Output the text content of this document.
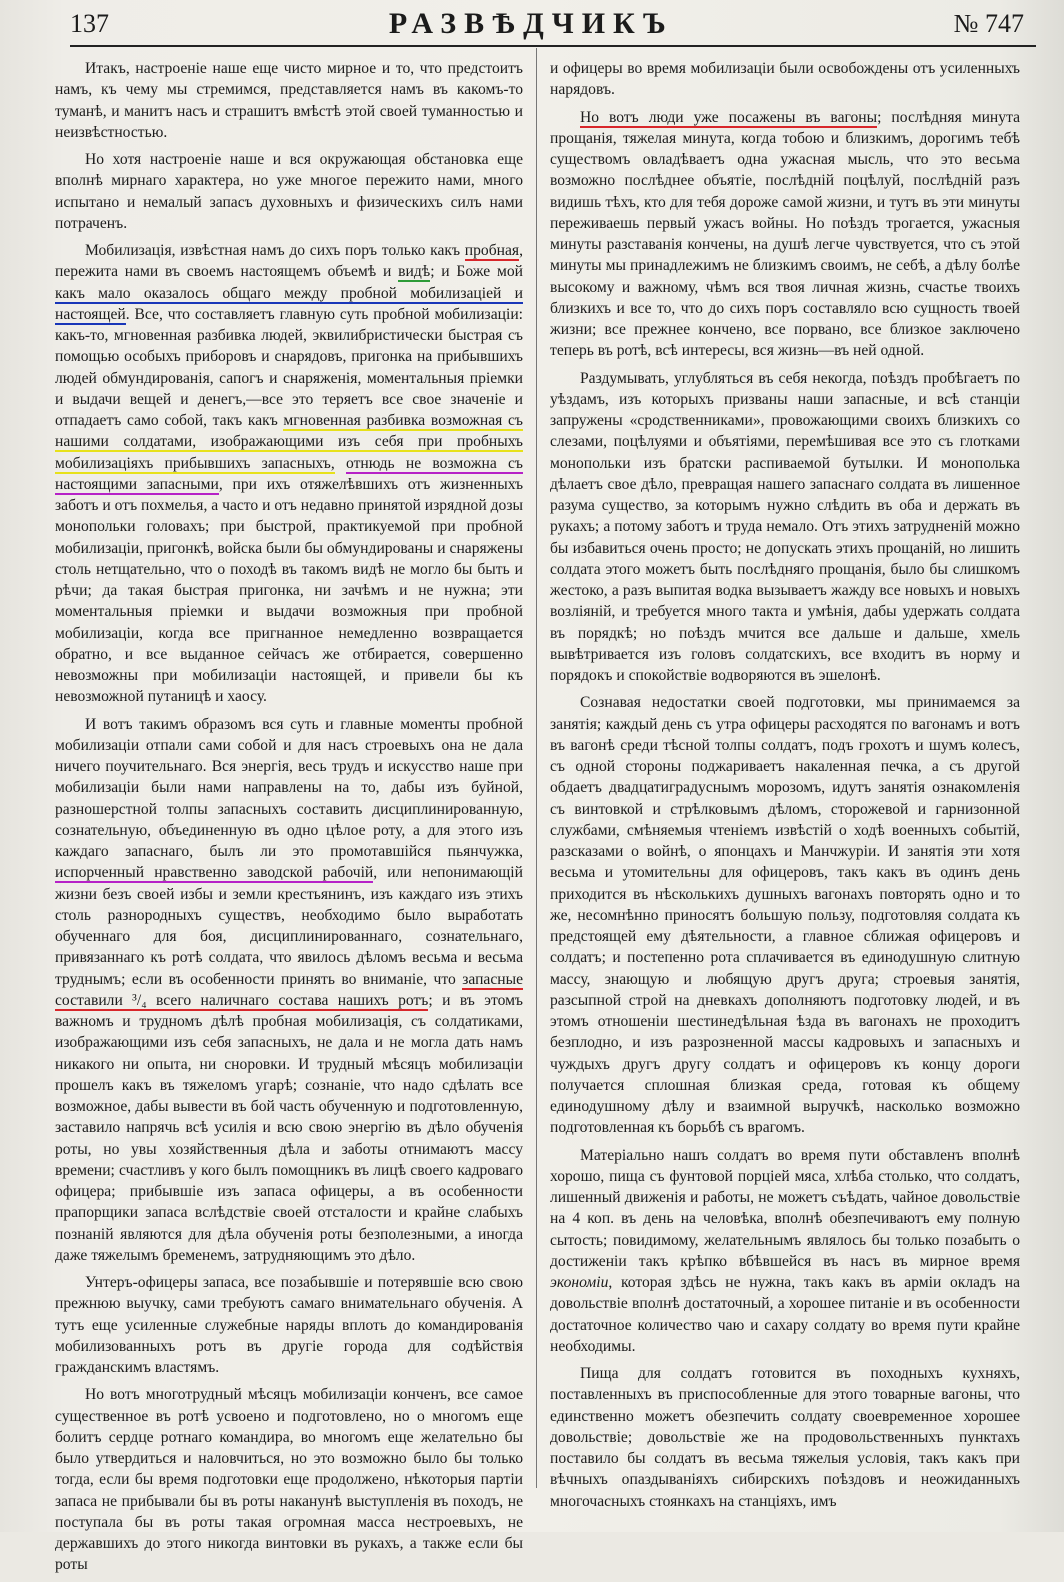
137	РАЗВѢДЧИКЪ	№ 747

Итакъ, настроеніе наше еще чисто мирное и то, что предстоитъ намъ, къ чему мы стремимся, представляется намъ въ какомъ-то туманѣ, и манитъ насъ и страшитъ вмѣстѣ этой своей туманностью и неизвѣстностью.

Но хотя настроеніе наше и вся окружающая обстановка еще вполнѣ мирнаго характера, но уже многое пережито нами, много испытано и немалый запасъ духовныхъ и физическихъ силъ нами потраченъ.

Мобилизація, извѣстная намъ до сихъ поръ только какъ пробная, пережита нами въ своемъ настоящемъ объемѣ и видѣ; и Боже мой какъ мало оказалось общаго между пробной мобилизаціей и настоящей. Все, что составляетъ главную суть пробной мобилизаціи: какъ-то, мгновенная разбивка людей, эквилибристически быстрая съ помощью особыхъ приборовъ и снарядовъ, пригонка на прибывшихъ людей обмундированія, сапогъ и снаряженія, моментальныя пріемки и выдачи вещей и денегъ,—все это теряетъ все свое значеніе и отпадаетъ само собой, такъ какъ мгновенная разбивка возможная съ нашими солдатами, изображающими изъ себя при пробныхъ мобилизаціяхъ прибывшихъ запасныхъ, отнюдь не возможна съ настоящими запасными, при ихъ отяжелѣвшихъ отъ жизненныхъ заботъ и отъ похмелья, а часто и отъ недавно принятой изрядной дозы монопольки головахъ; при быстрой, практикуемой при пробной мобилизаціи, пригонкѣ, войска были бы обмундированы и снаряжены столь нетщательно, что о походѣ въ такомъ видѣ не могло бы быть и рѣчи; да такая быстрая пригонка, ни зачѣмъ и не нужна; эти моментальныя пріемки и выдачи возможныя при пробной мобилизаціи, когда все пригнанное немедленно возвращается обратно, и все выданное сейчасъ же отбирается, совершенно невозможны при мобилизаціи настоящей, и привели бы къ невозможной путаницѣ и хаосу.

И вотъ такимъ образомъ вся суть и главные моменты пробной мобилизаціи отпали сами собой и для насъ строевыхъ она не дала ничего поучительнаго. Вся энергія, весь трудъ и искусство наше при мобилизаціи были нами направлены на то, дабы изъ буйной, разношерстной толпы запасныхъ составить дисциплинированную, сознательную, объединенную въ одно цѣлое роту, а для этого изъ каждаго запаснаго, былъ ли это промотавшійся пьянчужка, испорченный нравственно заводской рабочій, или непонимающій жизни безъ своей избы и земли крестьянинъ, изъ каждаго изъ этихъ столь разнородныхъ существъ, необходимо было выработать обученнаго для боя, дисциплинированнаго, сознательнаго, привязаннаго къ ротѣ солдата, что явилось дѣломъ весьма и весьма труднымъ; если въ особенности принять во вниманіе, что запасные составили ³/₄ всего наличнаго состава нашихъ ротъ; и въ этомъ важномъ и трудномъ дѣлѣ пробная мобилизація, съ солдатиками, изображающими изъ себя запасныхъ, не дала и не могла дать намъ никакого ни опыта, ни сноровки. И трудный мѣсяцъ мобилизаціи прошелъ какъ въ тяжеломъ угарѣ; сознаніе, что надо сдѣлать все возможное, дабы вывести въ бой часть обученную и подготовленную, заставило напрячь всѣ усилія и всю свою энергію въ дѣло обученія роты, но увы хозяйственныя дѣла и заботы отнимаютъ массу времени; счастливъ у кого былъ помощникъ въ лицѣ своего кадроваго офицера; прибывшіе изъ запаса офицеры, а въ особенности прапорщики запаса вслѣдствіе своей отсталости и крайне слабыхъ познаній являются для дѣла обученія роты безполезными, а иногда даже тяжелымъ бременемъ, затрудняющимъ это дѣло.

Унтеръ-офицеры запаса, все позабывшіе и потерявшіе всю свою прежнюю выучку, сами требуютъ самаго внимательнаго обученія. А тутъ еще усиленные служебные наряды вплоть до командированія мобилизованныхъ ротъ въ другіе города для содѣйствія гражданскимъ властямъ.

Но вотъ многотрудный мѣсяцъ мобилизаціи конченъ, все самое существенное въ ротѣ усвоено и подготовлено, но о многомъ еще болитъ сердце ротнаго командира, во многомъ еще желательно бы было утвердиться и наловчиться, но это возможно было бы только тогда, если бы время подготовки еще продолжено, нѣкоторыя партіи запаса не прибывали бы въ роты наканунѣ выступленія въ походъ, не поступала бы въ роты такая огромная масса нестроевыхъ, не державшихъ до этого никогда винтовки въ рукахъ, а также если бы роты

и офицеры во время мобилизаціи были освобождены отъ усиленныхъ нарядовъ.

Но вотъ люди уже посажены въ вагоны; послѣдняя минута прощанія, тяжелая минута, когда тобою и близкимъ, дорогимъ тебѣ существомъ овладѣваетъ одна ужасная мысль, что это весьма возможно послѣднее объятіе, послѣдній поцѣлуй, послѣдній разъ видишь тѣхъ, кто для тебя дороже самой жизни, и тутъ въ эти минуты переживаешь первый ужасъ войны. Но поѣздъ трогается, ужасныя минуты разставанія кончены, на душѣ легче чувствуется, что съ этой минуты мы принадлежимъ не близкимъ своимъ, не себѣ, а дѣлу болѣе высокому и важному, чѣмъ вся твоя личная жизнь, счастье твоихъ близкихъ и все то, что до сихъ поръ составляло всю сущность твоей жизни; все прежнее кончено, все порвано, все близкое заключено теперь въ ротѣ, всѣ интересы, вся жизнь—въ ней одной.

Раздумывать, углубляться въ себя некогда, поѣздъ пробѣгаетъ по уѣздамъ, изъ которыхъ призваны наши запасные, и всѣ станціи запружены «сродственниками», провожающими своихъ близкихъ со слезами, поцѣлуями и объятіями, перемѣшивая все это съ глотками монопольки изъ братски распиваемой бутылки. И монополька дѣлаетъ свое дѣло, превращая нашего запаснаго солдата въ лишенное разума существо, за которымъ нужно слѣдить въ оба и держать въ рукахъ; а потому заботъ и труда немало. Отъ этихъ затрудненій можно бы избавиться очень просто; не допускать этихъ прощаній, но лишить солдата этого можетъ быть послѣдняго прощанія, было бы слишкомъ жестоко, а разъ выпитая водка вызываетъ жажду все новыхъ и новыхъ возліяній, и требуется много такта и умѣнія, дабы удержать солдата въ порядкѣ; но поѣздъ мчится все дальше и дальше, хмель вывѣтривается изъ головъ солдатскихъ, все входитъ въ норму и порядокъ и спокойствіе водворяются въ эшелонѣ.

Сознавая недостатки своей подготовки, мы принимаемся за занятія; каждый день съ утра офицеры расходятся по вагонамъ и вотъ въ вагонѣ среди тѣсной толпы солдатъ, подъ грохотъ и шумъ колесъ, съ одной стороны поджариваетъ накаленная печка, а съ другой обдаетъ двадцатиградуснымъ морозомъ, идутъ занятія ознакомленія съ винтовкой и стрѣлковымъ дѣломъ, сторожевой и гарнизонной службами, смѣняемыя чтеніемъ извѣстій о ходѣ военныхъ событій, разсказами о войнѣ, о японцахъ и Манчжуріи. И занятія эти хотя весьма и утомительны для офицеровъ, такъ какъ въ одинъ день приходится въ нѣсколькихъ душныхъ вагонахъ повторять одно и то же, несомнѣнно приносятъ большую пользу, подготовляя солдата къ предстоящей ему дѣятельности, а главное сближая офицеровъ и солдатъ; и постепенно рота сплачивается въ единодушную слитную массу, знающую и любящую другъ друга; строевыя занятія, разсыпной строй на дневкахъ дополняютъ подготовку людей, и въ этомъ отношеніи шестинедѣльная ѣзда въ вагонахъ не проходитъ безплодно, и изъ разрозненной массы кадровыхъ и запасныхъ и чуждыхъ другъ другу солдатъ и офицеровъ къ концу дороги получается сплошная близкая среда, готовая къ общему единодушному дѣлу и взаимной выручкѣ, насколько возможно подготовленная къ борьбѣ съ врагомъ.

Матеріально нашъ солдатъ во время пути обставленъ вполнѣ хорошо, пища съ фунтовой порціей мяса, хлѣба столько, что солдатъ, лишенный движенія и работы, не можетъ съѣдать, чайное довольствіе на 4 коп. въ день на человѣка, вполнѣ обезпечиваютъ ему полную сытость; повидимому, желательнымъ являлось бы только позабыть о достиженіи такъ крѣпко вбѣвшейся въ насъ въ мирное время экономіи, которая здѣсь не нужна, такъ какъ въ арміи окладъ на довольствіе вполнѣ достаточный, а хорошее питаніе и въ особенности достаточное количество чаю и сахару солдату во время пути крайне необходимы.

Пища для солдатъ готовится въ походныхъ кухняхъ, поставленныхъ въ приспособленные для этого товарные вагоны, что единственно можетъ обезпечить солдату своевременное хорошее довольствіе; довольствіе же на продовольственныхъ пунктахъ поставило бы солдатъ въ весьма тяжелыя условія, такъ какъ при вѣчныхъ опаздываніяхъ сибирскихъ поѣздовъ и неожиданныхъ многочасныхъ стоянкахъ на станціяхъ, имъ
